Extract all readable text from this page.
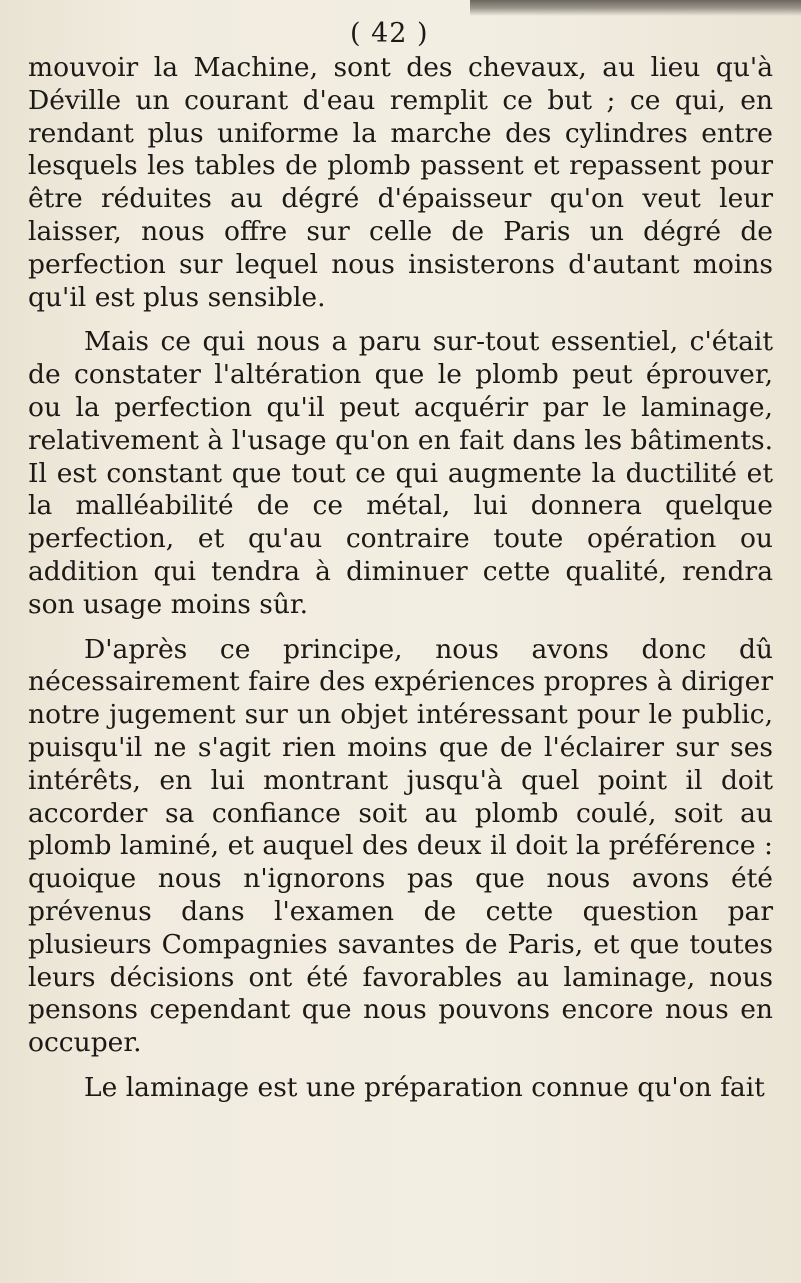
( 42 )

mouvoir la Machine, sont des chevaux, au lieu qu'à Déville un courant d'eau remplit ce but ; ce qui, en rendant plus uniforme la marche des cylindres entre lesquels les tables de plomb passent et repassent pour être réduites au dégré d'épaisseur qu'on veut leur laisser, nous offre sur celle de Paris un dégré de perfection sur lequel nous insisterons d'autant moins qu'il est plus sensible.

Mais ce qui nous a paru sur-tout essentiel, c'était de constater l'altération que le plomb peut éprouver, ou la perfection qu'il peut acquérir par le laminage, relativement à l'usage qu'on en fait dans les bâtiments. Il est constant que tout ce qui augmente la ductilité et la malléabilité de ce métal, lui donnera quelque perfection, et qu'au contraire toute opération ou addition qui tendra à diminuer cette qualité, rendra son usage moins sûr.

D'après ce principe, nous avons donc dû nécessairement faire des expériences propres à diriger notre jugement sur un objet intéressant pour le public, puisqu'il ne s'agit rien moins que de l'éclairer sur ses intérêts, en lui montrant jusqu'à quel point il doit accorder sa confiance soit au plomb coulé, soit au plomb laminé, et auquel des deux il doit la préférence : quoique nous n'ignorons pas que nous avons été prévenus dans l'examen de cette question par plusieurs Compagnies savantes de Paris, et que toutes leurs décisions ont été favorables au laminage, nous pensons cependant que nous pouvons encore nous en occuper.

Le laminage est une préparation connue qu'on fait
